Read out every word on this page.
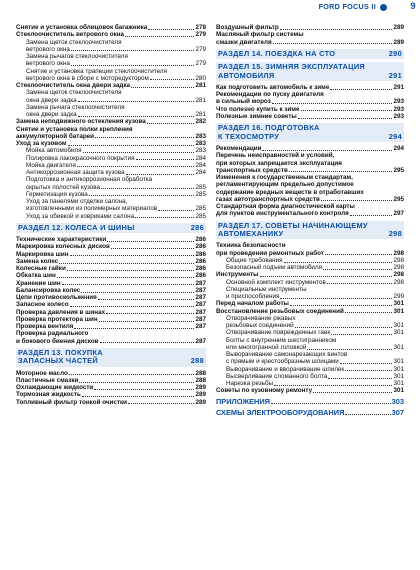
FORD FOCUS II	9
Снятие и установка облицовок багажника	278
Стеклоочиститель ветрового окна	279
Замена щеток стеклоочистителя
ветрового окна	279
Замена рычагов стеклоочистителя
ветрового окна	279
Снятие и установка трапеции стеклоочистителя
ветрового окна в сборе с моторедуктором	280
Стеклоочиститель окна двери задка	281
Замена щеток стеклоочистителя
окна двери задка	281
Замена рычага стеклоочистителя
окна двери задка	281
Замена неподвижного остекления кузова	282
Снятие и установка полки крепления
аккумуляторной батареи	283
Уход за кузовом	283
Мойка автомобиля	283
Полировка лакокрасочного покрытия	284
Мойка двигателя	284
Антикоррозионная защита кузова	284
Подготовка и антикоррозионная обработка
скрытых полостей кузова	285
Герметизация кузова	285
Уход за панелями отделки салона,
изготовленными из полимерных материалов	285
Уход за обивкой и ковриками салона	285
РАЗДЕЛ 12. КОЛЕСА И ШИНЫ	286
Технические характеристики	286
Маркировка колесных дисков	286
Маркировка шин	286
Замена колес	286
Колесные гайки	286
Обкатка шин	286
Хранение шин	287
Балансировка колес	287
Цепи противоскольжения	287
Запасное колесо	287
Проверка давления в шинах	287
Проверка протектора шин	287
Проверка вентиля	287
Проверка радиального
и бокового биения дисков	287
РАЗДЕЛ 13. ПОКУПКА
ЗАПАСНЫХ ЧАСТЕЙ	288
Моторное масло	288
Пластичные смазки	288
Охлаждающие жидкости	289
Тормозная жидкость	289
Топливный фильтр тонкой очистки	289
Воздушный фильтр	289
Масляный фильтр системы
смазки двигателя	289
РАЗДЕЛ 14. ПОЕЗДКА НА СТО	290
РАЗДЕЛ 15. ЗИМНЯЯ ЭКСПЛУАТАЦИЯ
АВТОМОБИЛЯ	291
Как подготовить автомобиль к зиме	291
Рекомендации по пуску двигателя
в сильный мороз	293
Что полезно купить к зиме	293
Полезные зимние советы	293
РАЗДЕЛ 16. ПОДГОТОВКА
К ТЕХОСМОТРУ	294
Рекомендации	294
Перечень неисправностей и условий,
при которых запрещается эксплуатация
транспортных средств	295
Изменения к государственным стандартам,
регламентирующим предельно допустимое
содержание вредных веществ в отработавших
газах автотранспортных средств	295
Стандартная форма диагностической карты
для пунктов инструментального контроля	297
РАЗДЕЛ 17. СОВЕТЫ НАЧИНАЮЩЕМУ
АВТОМЕХАНИКУ	298
Техника безопасности
при проведении ремонтных работ	298
Общие требования	298
Безопасный подъем автомобиля	298
Инструменты	298
Основной комплект инструментов	298
Специальные инструменты
и приспособления	299
Перед началом работы	301
Восстановление резьбовых соединений	301
Отворачивание ржавых
резьбовых соединений	301
Отворачивание поврежденных гаек	301
Болты с внутренним шестигранником
или многогранной головкой	301
Выворачивание самонарезающих винтов
с прямым и крестообразным шлицами	301
Выворачивание и вворачивание шпилек	301
Высверливание сломанного болта	301
Нарезка резьбы	301
Советы по кузовному ремонту	301
ПРИЛОЖЕНИЯ	303
СХЕМЫ ЭЛЕКТРООБОРУДОВАНИЯ	307
